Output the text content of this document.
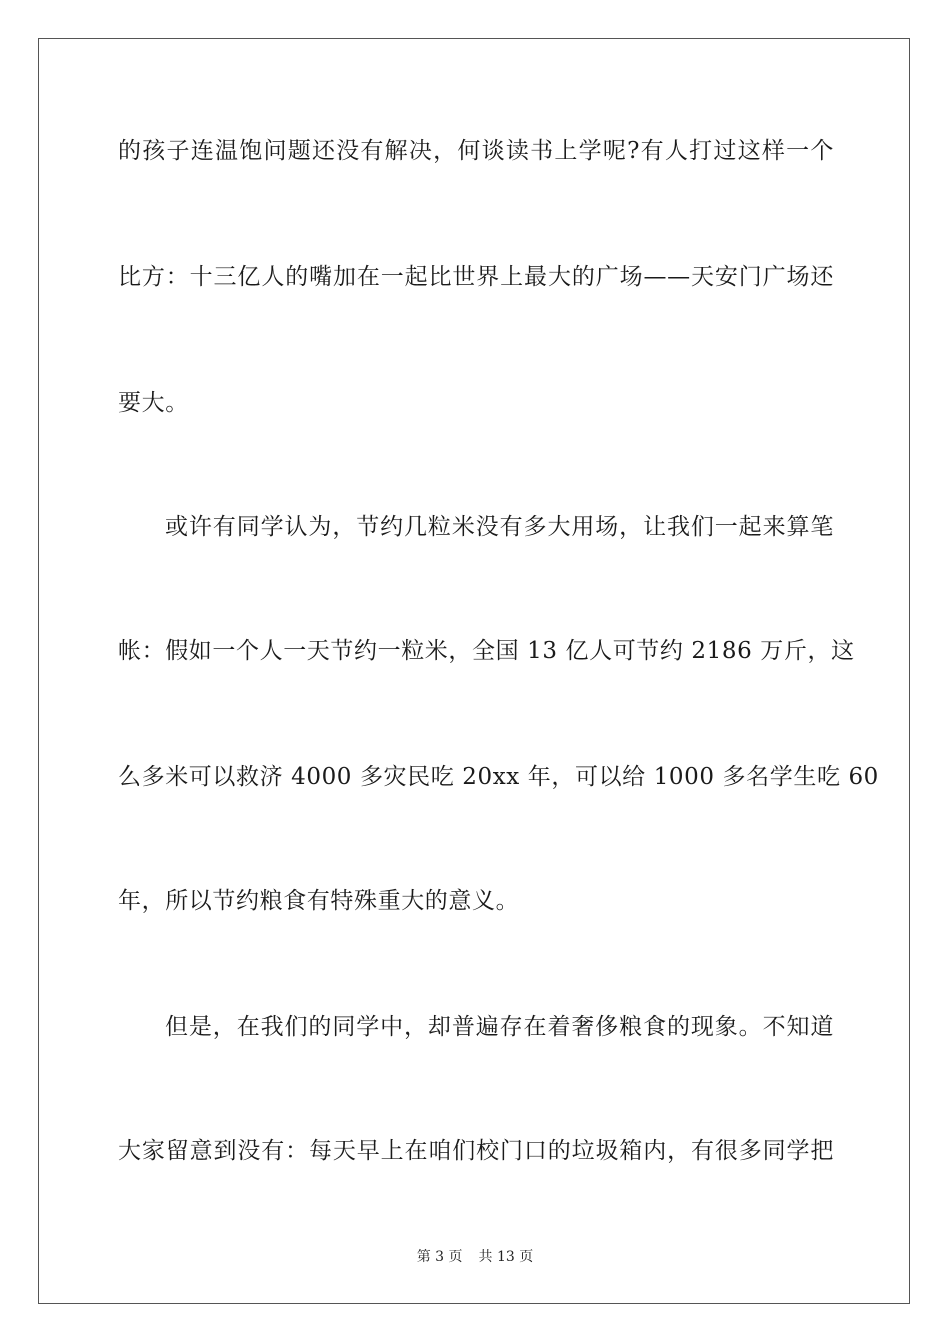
的孩子连温饱问题还没有解决，何谈读书上学呢?有人打过这样一个
比方：十三亿人的嘴加在一起比世界上最大的广场——天安门广场还
要大。
或许有同学认为，节约几粒米没有多大用场，让我们一起来算笔
帐：假如一个人一天节约一粒米，全国 13 亿人可节约 2186 万斤，这
么多米可以救济 4000 多灾民吃 20xx 年，可以给 1000 多名学生吃 60
年，所以节约粮食有特殊重大的意义。
但是，在我们的同学中，却普遍存在着奢侈粮食的现象。不知道
大家留意到没有：每天早上在咱们校门口的垃圾箱内，有很多同学把
第 3 页 共 13 页
